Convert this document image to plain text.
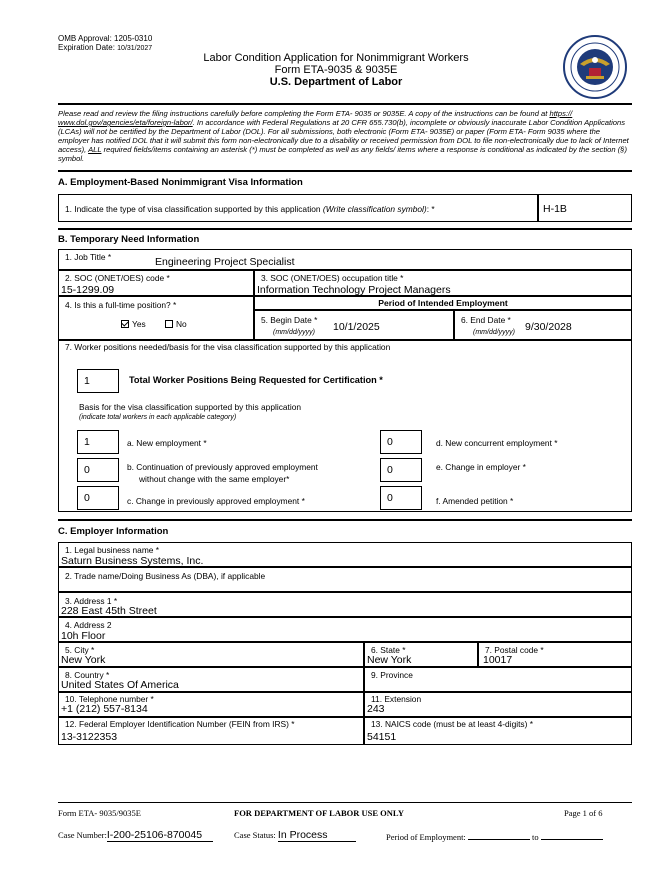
OMB Approval: 1205-0310
Expiration Date: 10/31/2027
Labor Condition Application for Nonimmigrant Workers
Form ETA-9035 & 9035E
U.S. Department of Labor
Please read and review the filing instructions carefully before completing the Form ETA- 9035 or 9035E. A copy of the instructions can be found at https:// www.dol.gov/agencies/eta/foreign-labor/. In accordance with Federal Regulations at 20 CFR 655.730(b), incomplete or obviously inaccurate Labor Condition Applications (LCAs) will not be certified by the Department of Labor (DOL). For all submissions, both electronic (Form ETA- 9035E) or paper (Form ETA- Form 9035 where the employer has notified DOL that it will submit this form non-electronically due to a disability or received permission from DOL to file non-electronically due to lack of Internet access), ALL required fields/items containing an asterisk (*) must be completed as well as any fields/ items where a response is conditional as indicated by the section (§) symbol.
A. Employment-Based Nonimmigrant Visa Information
1. Indicate the type of visa classification supported by this application (Write classification symbol): *	H-1B
B. Temporary Need Information
1. Job Title *	Engineering Project Specialist
2. SOC (ONET/OES) code *
15-1299.09
3. SOC (ONET/OES) occupation title *
Information Technology Project Managers
4. Is this a full-time position? *
Yes	No
Period of Intended Employment
5. Begin Date *
(mm/dd/yyyy) 10/1/2025
6. End Date *
(mm/dd/yyyy) 9/30/2028
7. Worker positions needed/basis for the visa classification supported by this application
1	Total Worker Positions Being Requested for Certification *
Basis for the visa classification supported by this application
(indicate total workers in each applicable category)
1	a. New employment *
0	b. Continuation of previously approved employment
without change with the same employer*
0	c. Change in previously approved employment *
0	d. New concurrent employment *
0	e. Change in employer *
0	f. Amended petition *
C. Employer Information
1. Legal business name *
Saturn Business Systems, Inc.
2. Trade name/Doing Business As (DBA), if applicable
3. Address 1 *
228 East 45th Street
4. Address 2
10h Floor
5. City *
New York
6. State *
New York
7. Postal code *
10017
8. Country *
United States Of America
9. Province
10. Telephone number *
+1 (212) 557-8134
11. Extension
243
12. Federal Employer Identification Number (FEIN from IRS) *
13-3122353
13. NAICS code (must be at least 4-digits) *
54151
Form ETA- 9035/9035E	FOR DEPARTMENT OF LABOR USE ONLY	Page 1 of 6
Case Number:I-200-25106-870045	Case Status: In Process	Period of Employment:	to
